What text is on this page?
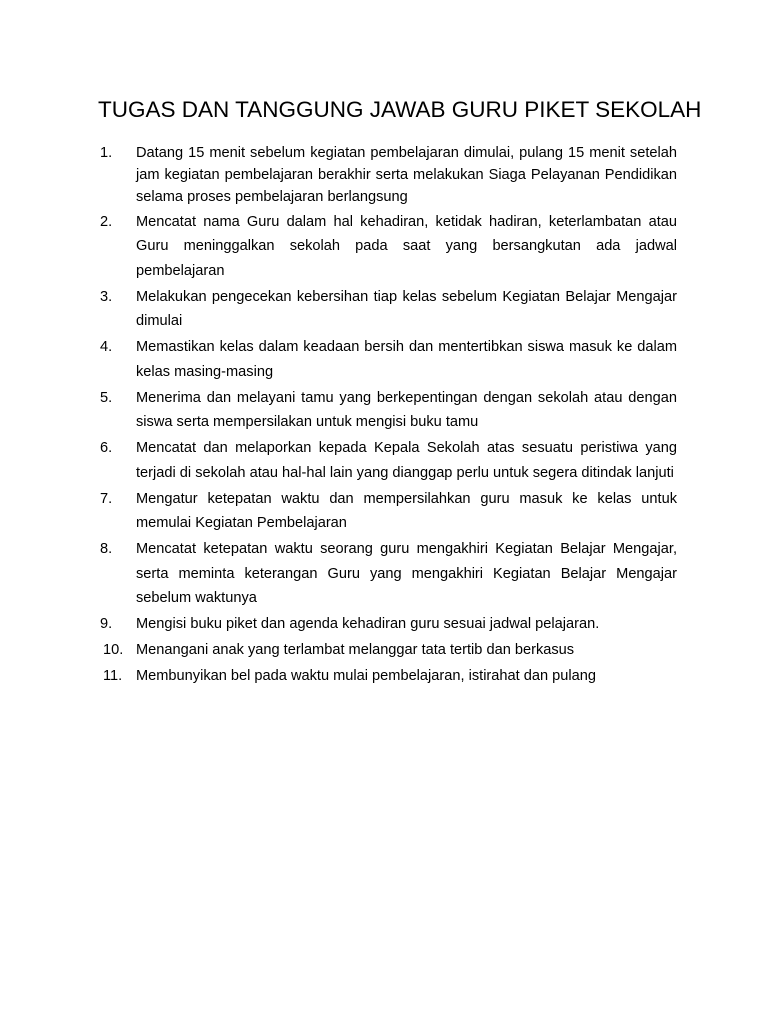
TUGAS DAN TANGGUNG JAWAB GURU PIKET SEKOLAH
1.	Datang 15 menit sebelum kegiatan pembelajaran dimulai, pulang 15 menit setelah jam kegiatan pembelajaran berakhir serta melakukan Siaga Pelayanan Pendidikan selama proses pembelajaran berlangsung
2.	Mencatat nama Guru dalam hal kehadiran, ketidak hadiran, keterlambatan atau Guru meninggalkan sekolah pada saat yang bersangkutan ada jadwal pembelajaran
3.	Melakukan pengecekan kebersihan tiap kelas sebelum Kegiatan Belajar Mengajar dimulai
4.	Memastikan kelas dalam keadaan bersih dan mentertibkan siswa masuk ke dalam kelas masing-masing
5.	Menerima dan melayani tamu yang berkepentingan dengan sekolah atau dengan siswa serta mempersilakan untuk mengisi buku tamu
6.	Mencatat dan melaporkan kepada Kepala Sekolah atas sesuatu peristiwa yang terjadi di sekolah atau hal-hal lain yang dianggap perlu untuk segera ditindak lanjuti
7.	Mengatur ketepatan waktu dan mempersilahkan guru masuk ke kelas untuk memulai Kegiatan Pembelajaran
8.	Mencatat ketepatan waktu seorang guru mengakhiri Kegiatan Belajar Mengajar, serta meminta keterangan Guru yang mengakhiri Kegiatan Belajar Mengajar sebelum waktunya
9.	Mengisi buku piket dan agenda kehadiran guru sesuai jadwal pelajaran.
10. Menangani anak yang terlambat melanggar tata tertib dan berkasus
11. Membunyikan bel pada waktu mulai pembelajaran, istirahat dan pulang
